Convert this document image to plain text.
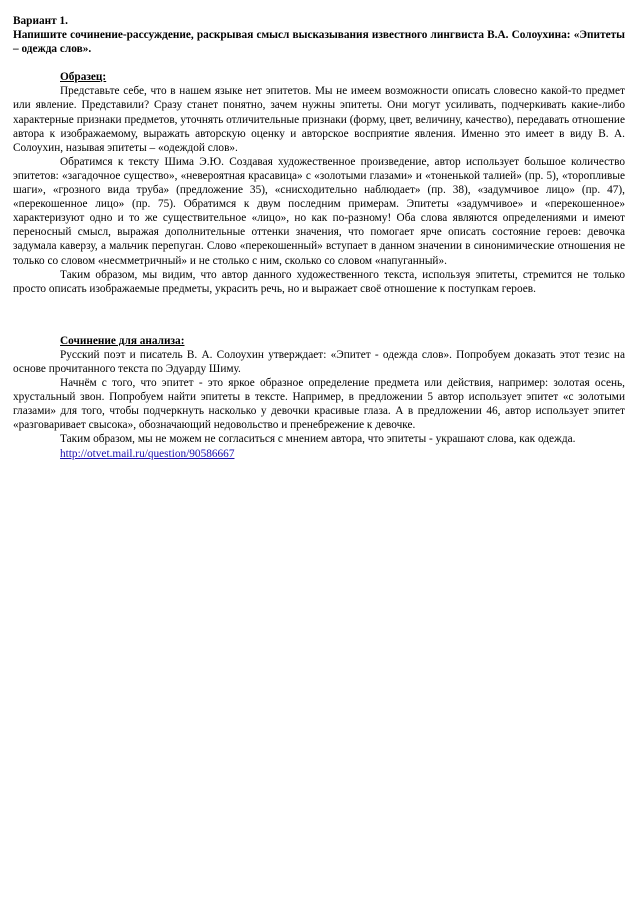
Вариант 1.

Напишите сочинение-рассуждение, раскрывая смысл высказывания известного лингвиста В.А. Солоухина: «Эпитеты – одежда слов».

Образец:

Представьте себе, что в нашем языке нет эпитетов. Мы не имеем возможности описать словесно какой-то предмет или явление. Представили? Сразу станет понятно, зачем нужны эпитеты. Они могут усиливать, подчеркивать какие-либо характерные признаки предметов, уточнять отличительные признаки (форму, цвет, величину, качество), передавать отношение автора к изображаемому, выражать авторскую оценку и авторское восприятие явления. Именно это имеет в виду В. А. Солоухин, называя эпитеты – «одеждой слов».

Обратимся к тексту Шима Э.Ю. Создавая художественное произведение, автор использует большое количество эпитетов: «загадочное существо», «невероятная красавица» с «золотыми глазами» и «тоненькой талией» (пр. 5), «торопливые шаги», «грозного вида труба» (предложение 35), «снисходительно наблюдает» (пр. 38), «задумчивое лицо» (пр. 47), «перекошенное лицо» (пр. 75). Обратимся к двум последним примерам. Эпитеты «задумчивое» и «перекошенное» характеризуют одно и то же существительное «лицо», но как по-разному! Оба слова являются определениями и имеют переносный смысл, выражая дополнительные оттенки значения, что помогает ярче описать состояние героев: девочка задумала каверзу, а мальчик перепуган. Слово «перекошенный» вступает в данном значении в синонимические отношения не только со словом «несмметричный» и не столько с ним, сколько со словом «напуганный».

Таким образом, мы видим, что автор данного художественного текста, используя эпитеты, стремится не только просто описать изображаемые предметы, украсить речь, но и выражает своё отношение к поступкам героев.

Сочинение для анализа:

Русский поэт и писатель В. А. Солоухин утверждает: «Эпитет - одежда слов». Попробуем доказать этот тезис на основе прочитанного текста по Эдуарду Шиму.

Начнём с того, что эпитет - это яркое образное определение предмета или действия, например: золотая осень, хрустальный звон. Попробуем найти эпитеты в тексте. Например, в предложении 5 автор использует эпитет «с золотыми глазами» для того, чтобы подчеркнуть насколько у девочки красивые глаза. А в предложении 46, автор использует эпитет «разговаривает свысока», обозначающий недовольство и пренебрежение к девочке.

Таким образом, мы не можем не согласиться с мнением автора, что эпитеты - украшают слова, как одежда.

http://otvet.mail.ru/question/90586667
